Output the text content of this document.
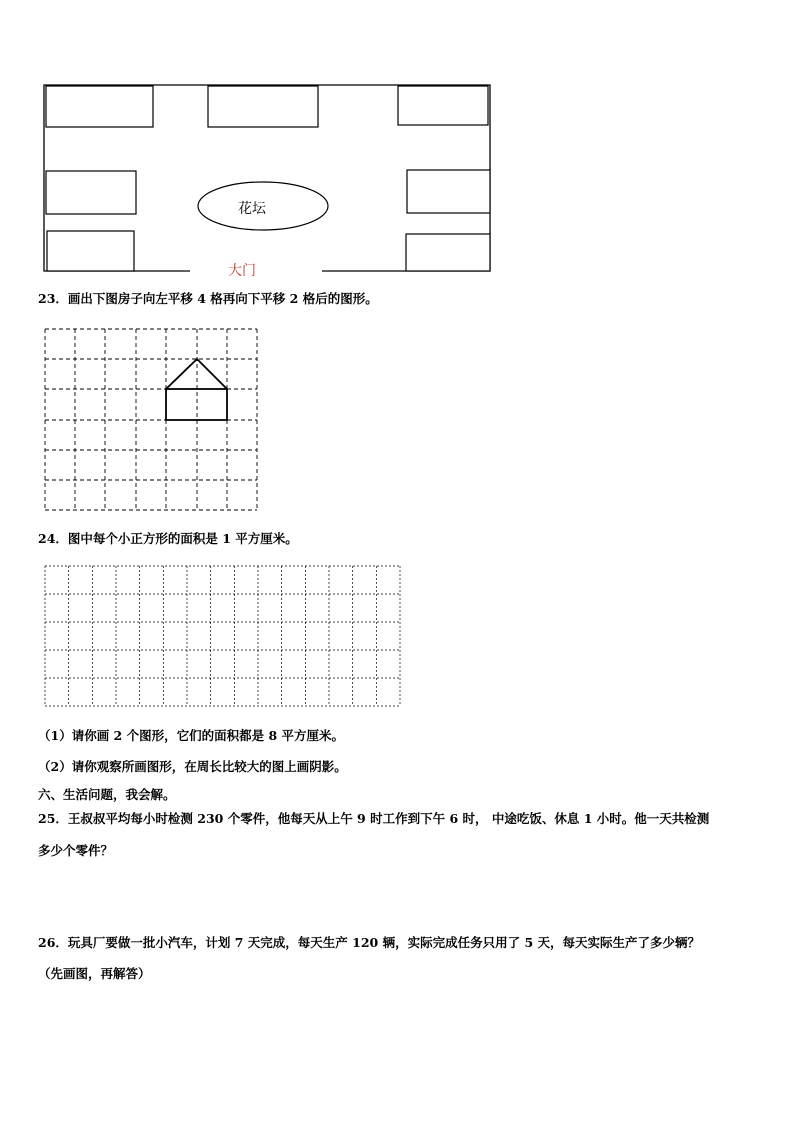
花坛
大门
23．画出下图房子向左平移 4 格再向下平移 2 格后的图形。
24．图中每个小正方形的面积是 1 平方厘米。
（1）请你画 2 个图形，它们的面积都是 8 平方厘米。
（2）请你观察所画图形，在周长比较大的图上画阴影。
六、生活问题，我会解。
25．王叔叔平均每小时检测 230 个零件，他每天从上午 9 时工作到下午 6 时， 中途吃饭、休息 1 小时。他一天共检测
多少个零件？
26．玩具厂要做一批小汽车，计划 7 天完成，每天生产 120 辆，实际完成任务只用了 5 天，每天实际生产了多少辆？
（先画图，再解答）
